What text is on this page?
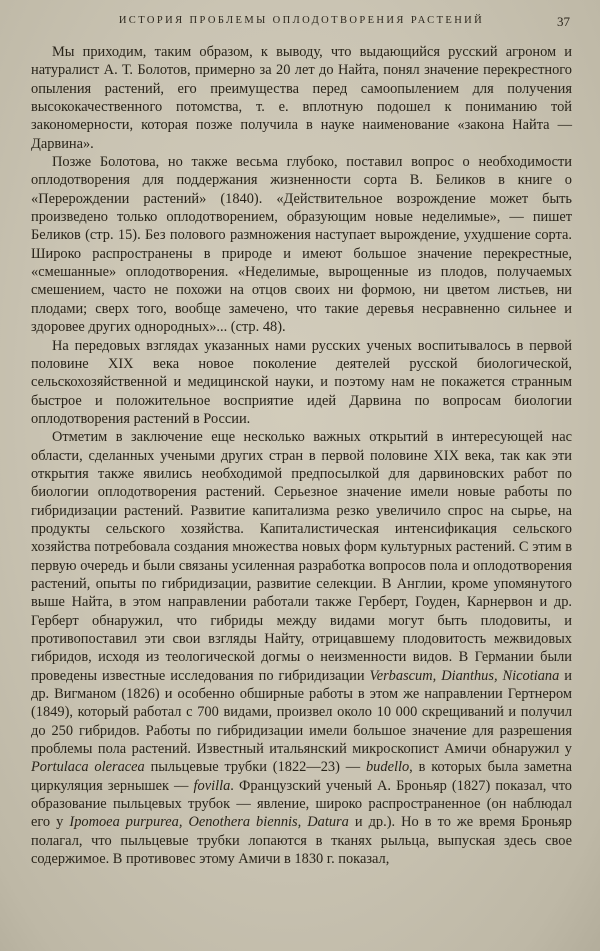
ИСТОРИЯ ПРОБЛЕМЫ ОПЛОДОТВОРЕНИЯ РАСТЕНИЙ	37

Мы приходим, таким образом, к выводу, что выдающийся русский агроном и натуралист А. Т. Болотов, примерно за 20 лет до Найта, понял значение перекрестного опыления растений, его преимущества перед самоопылением для получения высококачественного потомства, т. е. вплотную подошел к пониманию той закономерности, которая позже получила в науке наименование «закона Найта — Дарвина».

Позже Болотова, но также весьма глубоко, поставил вопрос о необходимости оплодотворения для поддержания жизненности сорта В. Беликов в книге о «Перерождении растений» (1840). «Действительное возрождение может быть произведено только оплодотворением, образующим новые неделимые», — пишет Беликов (стр. 15). Без полового размножения наступает вырождение, ухудшение сорта. Широко распространены в природе и имеют большое значение перекрестные, «смешанные» оплодотворения. «Неделимые, вырощенные из плодов, получаемых смешением, часто не похожи на отцов своих ни формою, ни цветом листьев, ни плодами; сверх того, вообще замечено, что такие деревья несравненно сильнее и здоровее других однородных»... (стр. 48).

На передовых взглядах указанных нами русских ученых воспитывалось в первой половине XIX века новое поколение деятелей русской биологической, сельскохозяйственной и медицинской науки, и поэтому нам не покажется странным быстрое и положительное восприятие идей Дарвина по вопросам биологии оплодотворения растений в России.

Отметим в заключение еще несколько важных открытий в интересующей нас области, сделанных учеными других стран в первой половине XIX века, так как эти открытия также явились необходимой предпосылкой для дарвиновских работ по биологии оплодотворения растений. Серьезное значение имели новые работы по гибридизации растений. Развитие капитализма резко увеличило спрос на сырье, на продукты сельского хозяйства. Капиталистическая интенсификация сельского хозяйства потребовала создания множества новых форм культурных растений. С этим в первую очередь и были связаны усиленная разработка вопросов пола и оплодотворения растений, опыты по гибридизации, развитие селекции. В Англии, кроме упомянутого выше Найта, в этом направлении работали также Герберт, Гоуден, Карнервон и др. Герберт обнаружил, что гибриды между видами могут быть плодовиты, и противопоставил эти свои взгляды Найту, отрицавшему плодовитость межвидовых гибридов, исходя из теологической догмы о неизменности видов. В Германии были проведены известные исследования по гибридизации Verbascum, Dianthus, Nicotiana и др. Вигманом (1826) и особенно обширные работы в этом же направлении Гертнером (1849), который работал с 700 видами, произвел около 10 000 скрещиваний и получил до 250 гибридов. Работы по гибридизации имели большое значение для разрешения проблемы пола растений. Известный итальянский микроскопист Амичи обнаружил у Portulaca oleracea пыльцевые трубки (1822—23) — budello, в которых была заметна циркуляция зернышек — fovilla. Французский ученый А. Броньяр (1827) показал, что образование пыльцевых трубок — явление, широко распространенное (он наблюдал его у Ipomoea purpurea, Oenothera biennis, Datura и др.). Но в то же время Броньяр полагал, что пыльцевые трубки лопаются в тканях рыльца, выпуская здесь свое содержимое. В противовес этому Амичи в 1830 г. показал,
